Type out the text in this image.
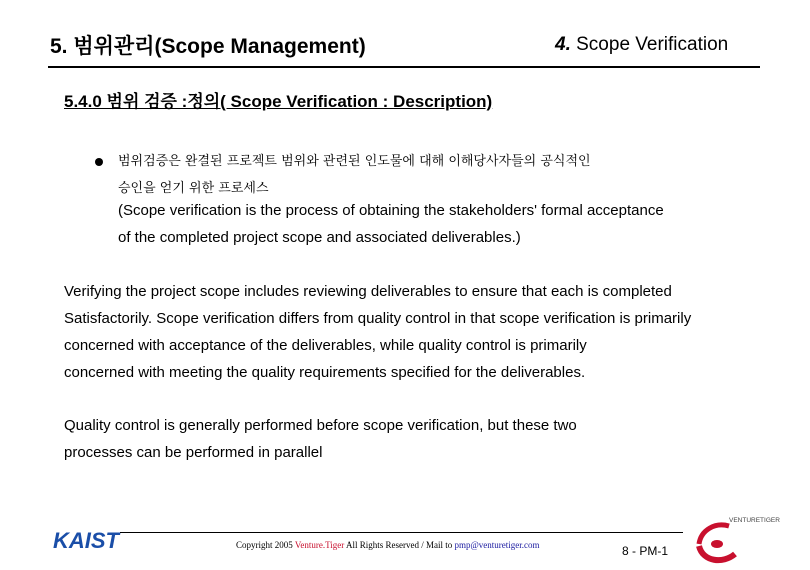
5. 범위관리(Scope Management)	4. Scope Verification
5.4.0 범위 검증 :정의( Scope Verification : Description)
범위검증은 완결된 프로젝트 범위와 관련된 인도물에 대해 이해당사자들의 공식적인
승인을 얻기 위한 프로세스
(Scope verification is the process of obtaining the stakeholders' formal acceptance
of the completed project scope and associated deliverables.)
Verifying the project scope includes reviewing deliverables to ensure that each is completed
Satisfactorily. Scope verification differs from quality control in that scope verification is primarily
concerned with acceptance of the deliverables, while quality control is primarily
concerned with meeting the quality requirements specified for the deliverables.
Quality control is generally performed before scope verification, but these two
processes can be performed in parallel
KAIST	Copyright 2005 Venture.Tiger All Rights Reserved / Mail to pmp@venturetiger.com	8 - PM-1
VENTURETIGER
